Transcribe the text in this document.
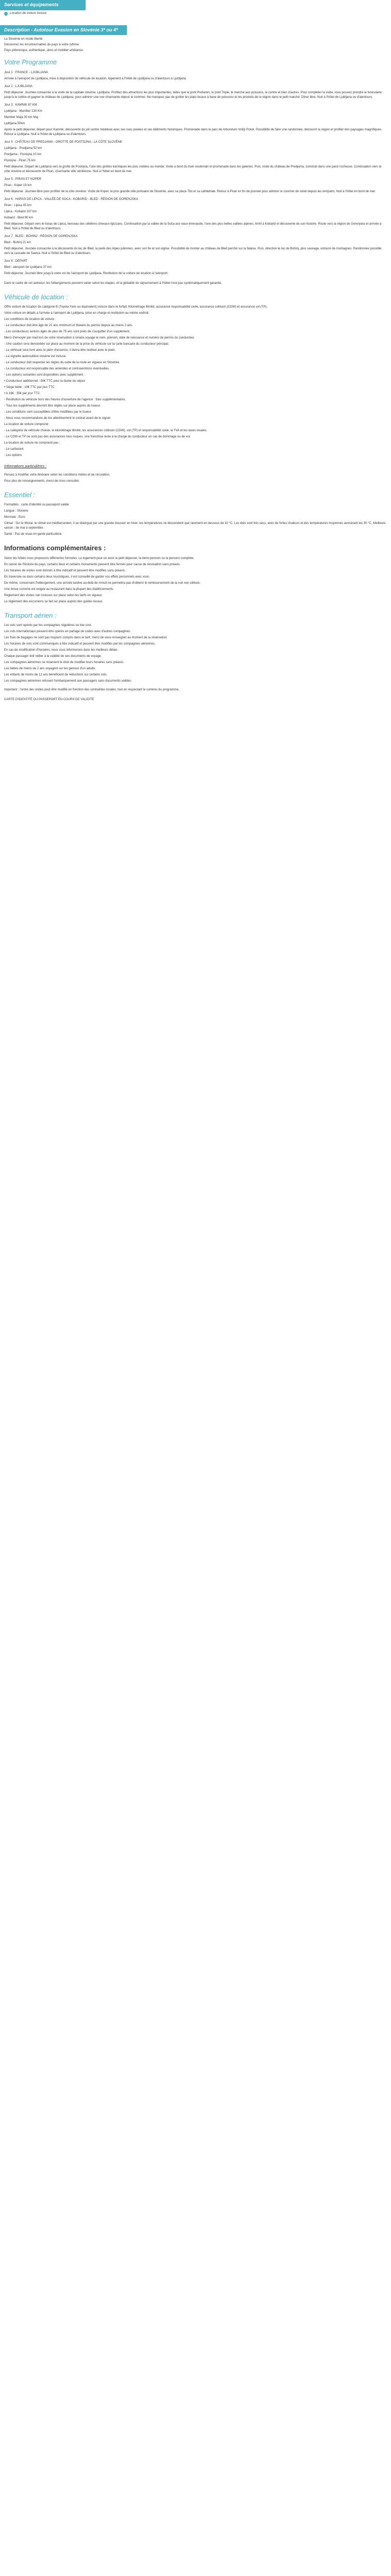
Services et équipements
Location de voiture incluse
Description - Autotour Evasion en Slovénie 3* ou 4*

La Slovénie en mode liberté

Découvrez les incontournables du pays à votre rythme.

Pays pittoresque, authentique, alors et mobilier ambiance.

Votre Programme
Jour 1 : FRANCE - LJUBLJANA

Arrivée à l'aéroport de Ljubljana, mise à disposition de véhicule de location, logement à l'hôtel de Ljubljana ou d'alentours à Ljubljana.

Jour 2 : LJUBLJANA

Petit déjeuner. Journée consacrée à la visite de la capitale slovène, Ljubljana. Profitez des attractions les plus importantes, telles que le pont Prešeren, le pont Triple, le marché aux poissons, le centre et bien d'autres. Pour compléter la visite, vous pouvez prendre le funiculaire jusqu'à la colline et gagner le château de Ljubljana, pour admirer une vue charmante depuis le sommet. Ne manquez pas de goûter les plats locaux à base de poissons et les produits de la région dans le petit marché. Dîner libre. Nuit à l'hôtel de Ljubljana ou d'alentours.

Jour 3 : KAMNIK 87 KM

Ljubljana - Mamber 130 Km

Mamber Maja 30 km Maj

Ljubljana 50km

Après le petit déjeuner, départ pour Kamnik, découverte du joli centre médiéval avec ses rues pavées et ses bâtiments historiques. Promenade dans le parc de Arboretum Volčji Potok. Possibilité de faire une randonnée, découvrir la région et profiter des paysages magnifiques. Retour à Ljubljana. Nuit à l'hôtel de Ljubljana ou d'alentours.

Jour 4 : CHÂTEAU DE PREDJAMA - GROTTE DE POSTOJNA - LA CÔTE SLOVÈNE

Ljubljana - Predjama 52 km

Predjama - Postojna 10 km

Postojne - Piran 75 km

Petit déjeuner. Départ de Ljubljana vers la grotte de Postojna, l'une des grottes karstiques les plus visitées au monde. Visite à bord du train souterrain et promenade dans les galeries. Puis, visite du château de Predjama, construit dans une paroi rocheuse. Continuation vers la côte slovène et découverte de Piran, charmante ville vénitienne. Nuit à l'hôtel en bord de mer.

Jour 5 : PIRAN ET KOPER

Piran - Koper 19 km

Petit déjeuner. Journée libre pour profiter de la côte slovène. Visite de Koper, la plus grande ville portuaire de Slovénie, avec sa place Tito et sa cathédrale. Retour à Piran en fin de journée pour admirer le coucher de soleil depuis les remparts. Nuit à l'hôtel en bord de mer.

Jour 6 : HARAS DE LIPICA - VALLÉE DE SOCA - KOBARID - BLED - RÉGION DE GORENJSKA

Piran - Lipica 45 km

Lipica - Kobarid 107 km

Kobarid - Bled 90 km

Petit déjeuner. Départ vers le haras de Lipica, berceau des célèbres chevaux lipizzans. Continuation par la vallée de la Soča aux eaux émeraude, l'une des plus belles vallées alpines. Arrêt à Kobarid et découverte de son histoire. Route vers la région de Gorenjska et arrivée à Bled. Nuit à l'hôtel de Bled ou d'alentours.

Jour 7 : BLED - BOHINJ - RÉGION DE GORENJSKA

Bled - Bohinj 21 km

Petit déjeuner. Journée consacrée à la découverte du lac de Bled, la perle des Alpes juliennes, avec son île et son église. Possibilité de monter au château de Bled perché sur la falaise. Puis, direction le lac de Bohinj, plus sauvage, entouré de montagnes. Randonnée possible vers la cascade de Savica. Nuit à l'hôtel de Bled ou d'alentours.

Jour 8 : DÉPART

Bled - aéroport de Ljubljana 37 km

Petit déjeuner. Journée libre jusqu'à votre vol de l'aéroport de Ljubljana. Restitution de la voiture de location à l'aéroport.

Dans le cadre de cet autotour, les hébergements peuvent varier selon les étapes, et la globalité du séjournement à l'hôtel n'est pas systématiquement garantie.

Véhicule de location :

Offre voiture de location de catégorie B (Toyota Yaris ou équivalent) incluse dans le forfait. Kilométrage illimité, assurance responsabilité civile, assurance collision (CDW) et assurance vol (TP).

Votre voiture en détails à l'arrivée à l'aéroport de Ljubljana, prise en charge et restitution au même endroit.

Les conditions de location de voiture :

- Le conducteur doit être âgé de 21 ans minimum et titulaire du permis depuis au moins 2 ans.

- Les conducteurs seniors âgés de plus de 75 ans sont priés de s'acquitter d'un supplément.

Merci d'envoyer par mail lors de votre réservation à sinaire.voyage le nom, prénom, date de naissance et numéro de permis du conducteur.

- Une caution sera demandée sur place au moment de la prise du véhicule sur la carte bancaire du conducteur principal.

- Le véhicule sera livré avec le plein d'essence, il devra être restitué avec le plein.

- La vignette autoroutière slovène est incluse.

- Le conducteur doit respecter les règles du code de la route en vigueur en Slovénie.

- Le conducteur est responsable des amendes et contraventions éventuelles.

- Les options suivantes sont disponibles avec supplément :

• Conducteur additionnel : 50€ TTC pour la durée du séjour

• Siège bébé : 10€ TTC par jour TTC

• A 19€ : 35€ par jour TTC

- Restitution du véhicule hors des heures d'ouverture de l'agence : frais supplémentaires.

- Tous les suppléments devront être réglés sur place auprès du loueur.

- Les conditions sont susceptibles d'être modifiées par le loueur.

- Nous vous recommandons de lire attentivement le contrat avant de le signer.

La location de voiture comprend :

- La catégorie de véhicule choisie, le kilométrage illimité, les assurances collision (CDW), vol (TP) et responsabilité civile, la TVA et les taxes locales.

- Le CDW et TP ne sont pas des assurances tous risques, une franchise reste à la charge du conducteur en cas de dommage ou de vol.

La location de voiture ne comprend pas :

- Le carburant

- Les options

Informations particulières :

Pensez à modifier votre itinéraire selon les conditions météo et de circulation.

Pour plus de renseignements, merci de nous consulter.

Essentiel :

Formalités : carte d'identité ou passeport valide

Langue : Slovène

Monnaie : Euro

Climat : Sur le littoral, le climat est méditerranéen, il se distingue par une grande douceur en hiver, les températures ne descendent que rarement en dessous de 10 °C. Les étés sont très secs, avec de fortes chaleurs et des températures moyennes avoisinant les 30 °C. Meilleure saison : de mai à septembre.

Santé : Pas de visas en garde particulière.

Informations complémentaires :

Selon les hôtels nous proposons différentes formules. Le logement peut ou avoir le petit déjeuner, la demi-pension ou la pension complète.

En raison de l'histoire du pays, certains lieux et certains monuments peuvent être fermés pour cause de rénovation sans préavis.

Les horaires de visites sont donnés à titre indicatif et peuvent être modifiés sans préavis.

En traversée ou dans certains lieux touristiques, il est conseillé de garder vos effets personnels avec vous.

De même, concernant l'hébergement, une arrivée tardive au-delà de minuit ne permettra pas d'obtenir le remboursement de la nuit non utilisée.

Une tenue correcte est exigée au restaurant dans la plupart des établissements.

Réglement des visites non incluses sur place selon les tarifs en vigueur.

Le règlement des excursions se fait sur place auprès des guides locaux.

Transport aérien :

Les vols sont opérés par les compagnies régulières ou low cost.

Les vols internationaux peuvent être opérés en partage de codes avec d'autres compagnies.

Les frais de bagages ne sont pas toujours compris dans le tarif, merci de vous renseigner au moment de la réservation.

Les horaires de vols sont communiqués à titre indicatif et peuvent être modifiés par les compagnies aériennes.

En cas de modification d'horaires, nous vous informerons dans les meilleurs délais.

Chaque passager doit veiller à la validité de ses documents de voyage.

Les compagnies aériennes se réservent le droit de modifier leurs horaires sans préavis.

Les bébés de moins de 2 ans voyagent sur les genoux d'un adulte.

Les enfants de moins de 12 ans bénéficient de réductions sur certains vols.

Les compagnies aériennes refusent l'embarquement aux passagers sans documents valides.

Important : l'ordre des visites peut être modifié en fonction des contraintes locales, tout en respectant le contenu du programme.

CARTE D'IDENTITÉ OU PASSEPORT EN COURS DE VALIDITÉ
